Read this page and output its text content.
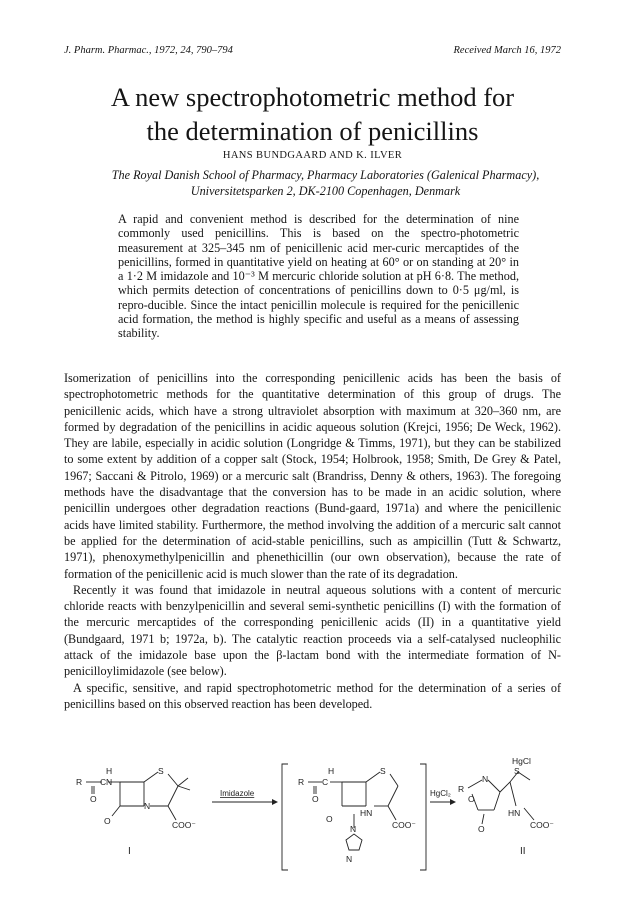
J. Pharm. Pharmac., 1972, 24, 790–794	Received March 16, 1972
A new spectrophotometric method for
the determination of penicillins
HANS BUNDGAARD AND K. ILVER
The Royal Danish School of Pharmacy, Pharmacy Laboratories (Galenical Pharmacy),
Universitetsparken 2, DK-2100 Copenhagen, Denmark
A rapid and convenient method is described for the determination of nine commonly used penicillins. This is based on the spectro-photometric measurement at 325–345 nm of penicillenic acid mer-curic mercaptides of the penicillins, formed in quantitative yield on heating at 60° or on standing at 20° in a 1·2 M imidazole and 10⁻³ M mercuric chloride solution at pH 6·8. The method, which permits detection of concentrations of penicillins down to 0·5 μg/ml, is repro-ducible. Since the intact penicillin molecule is required for the penicillenic acid formation, the method is highly specific and useful as a means of assessing stability.

Isomerization of penicillins into the corresponding penicillenic acids has been the basis of spectrophotometric methods for the quantitative determination of this group of drugs. The penicillenic acids, which have a strong ultraviolet absorption with maximum at 320–360 nm, are formed by degradation of the penicillins in acidic aqueous solution (Krejci, 1956; De Weck, 1962). They are labile, especially in acidic solution (Longridge & Timms, 1971), but they can be stabilized to some extent by addition of a copper salt (Stock, 1954; Holbrook, 1958; Smith, De Grey & Patel, 1967; Saccani & Pitrolo, 1969) or a mercuric salt (Brandriss, Denny & others, 1963). The foregoing methods have the disadvantage that the conversion has to be made in an acidic solution, where penicillin undergoes other degradation reactions (Bund-gaard, 1971a) and where the penicillenic acids have limited stability. Furthermore, the method involving the addition of a mercuric salt cannot be applied for the determination of acid-stable penicillins, such as ampicillin (Tutt & Schwartz, 1971), phenoxymethylpenicillin and phenethicillin (our own observation), because the rate of formation of the penicillenic acid is much slower than the rate of its degradation.

Recently it was found that imidazole in neutral aqueous solutions with a content of mercuric chloride reacts with benzylpenicillin and several semi-synthetic penicillins (I) with the formation of the mercuric mercaptides of the corresponding penicillenic acids (II) in a quantitative yield (Bundgaard, 1971 b; 1972a, b). The catalytic reaction proceeds via a self-catalysed nucleophilic attack of the imidazole base upon the β-lactam bond with the intermediate formation of N-penicilloylimidazole (see below).

A specific, sensitive, and rapid spectrophotometric method for the determination of a series of penicillins based on this observed reaction has been developed.

R C N
H
O
S
N
O	COO⁻
I
Imidazole
R C
H
O
S
HN
O
COO⁻
N
N
HgCl₂ R
N
O
HgCl
S
HN
O	COO⁻
II
